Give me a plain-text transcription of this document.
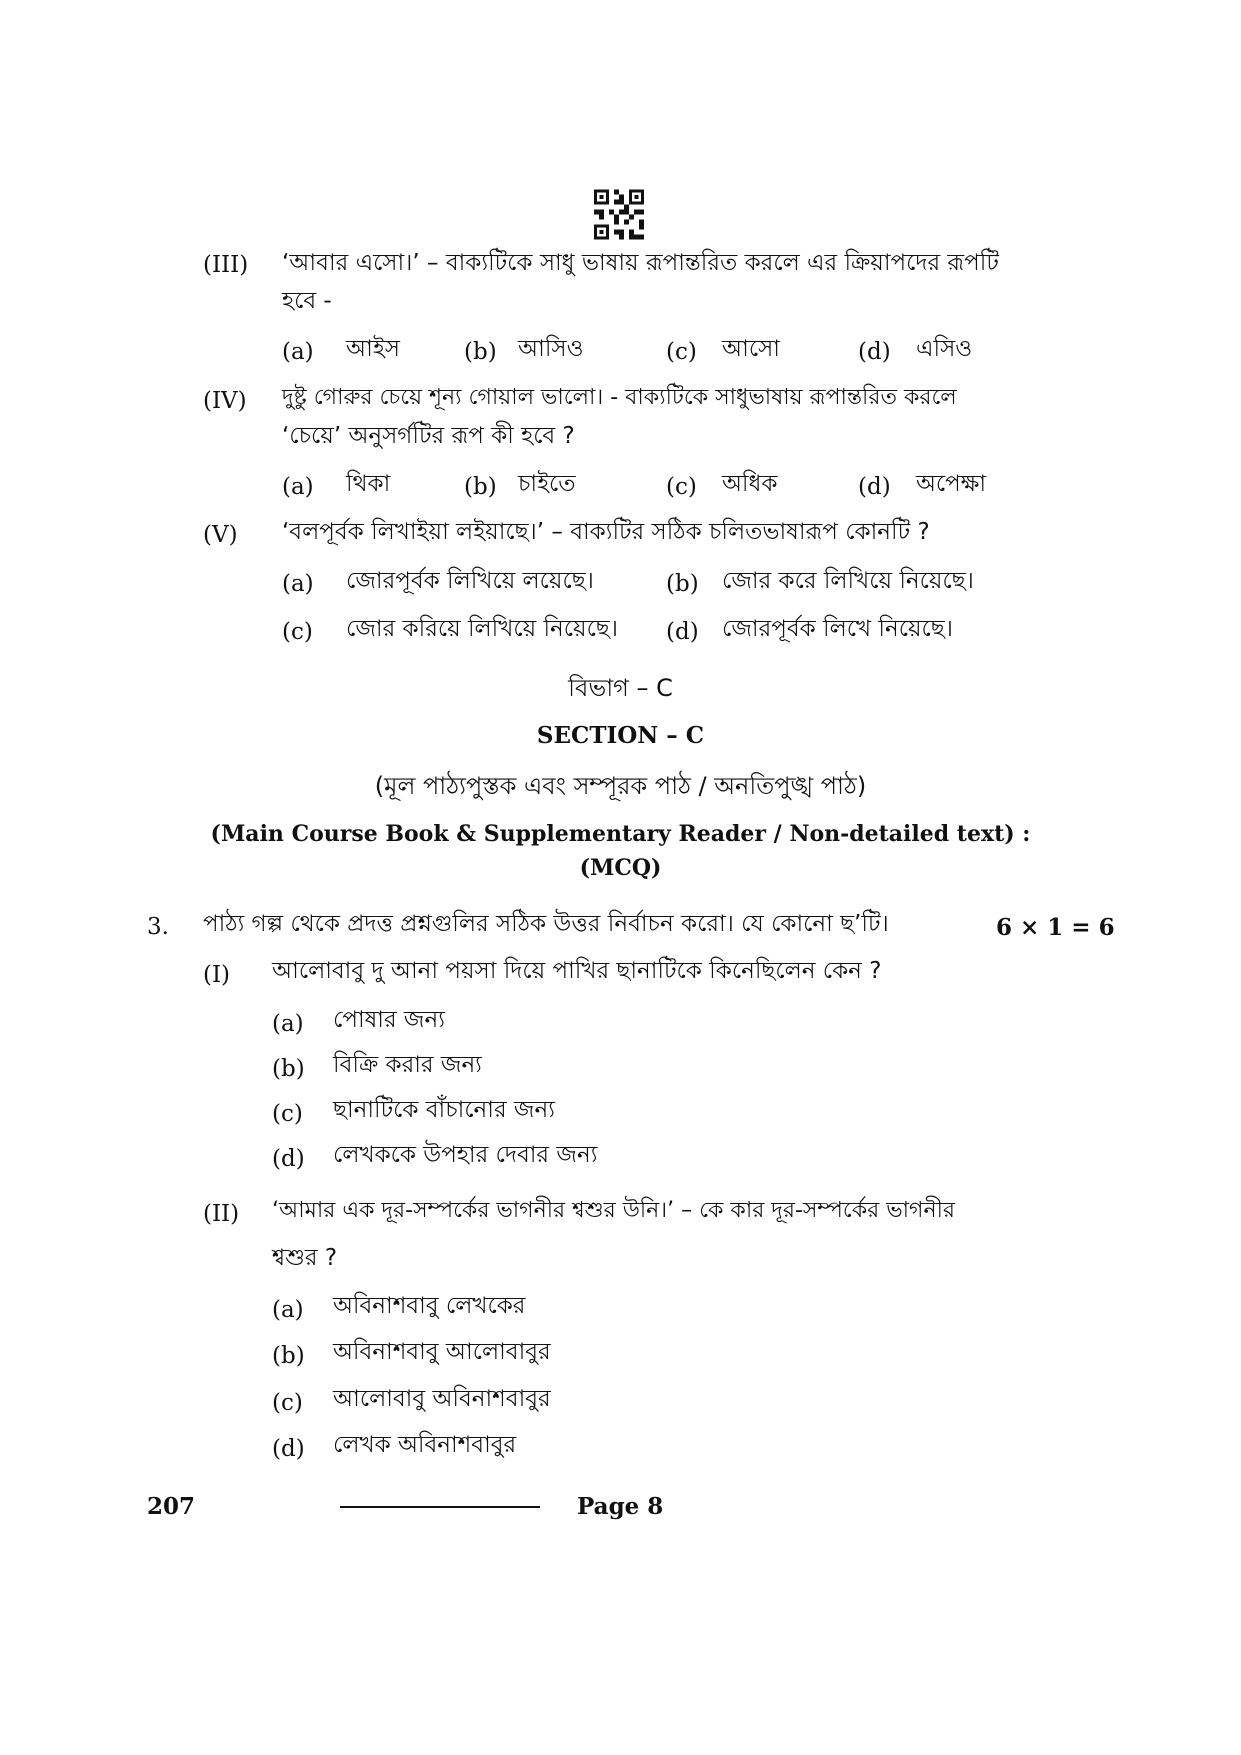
(III) ‘আবার এসো।’ – বাক্যটিকে সাধু ভাষায় রূপান্তরিত করলে এর ক্রিয়াপদের রূপটি
হবে -
(a) আইস	(b) আসিও	(c) আসো	(d) এসিও
(IV) দুষ্টু গোরুর চেয়ে শূন্য গোয়াল ভালো। - বাক্যটিকে সাধুভাষায় রূপান্তরিত করলে
‘চেয়ে’ অনুসর্গটির রূপ কী হবে ?
(a) থিকা	(b) চাইতে	(c) অধিক	(d) অপেক্ষা
(V) ‘বলপূর্বক লিখাইয়া লইয়াছে।’ – বাক্যটির সঠিক চলিতভাষারূপ কোনটি ?
(a) জোরপূর্বক লিখিয়ে লয়েছে।	(b) জোর করে লিখিয়ে নিয়েছে।
(c) জোর করিয়ে লিখিয়ে নিয়েছে। (d) জোরপূর্বক লিখে নিয়েছে।
বিভাগ – C
SECTION – C
(মূল পাঠ্যপুস্তক এবং সম্পূরক পাঠ / অনতিপুঙ্খ পাঠ)
(Main Course Book & Supplementary Reader / Non-detailed text) :
(MCQ)
3. পাঠ্য গল্প থেকে প্রদত্ত প্রশ্নগুলির সঠিক উত্তর নির্বাচন করো। যে কোনো ছ’টি।	6 × 1 = 6
(I) আলোবাবু দু আনা পয়সা দিয়ে পাখির ছানাটিকে কিনেছিলেন কেন ?
(a) পোষার জন্য
(b) বিক্রি করার জন্য
(c) ছানাটিকে বাঁচানোর জন্য
(d) লেখককে উপহার দেবার জন্য
(II) ‘আমার এক দূর-সম্পর্কের ভাগনীর শ্বশুর উনি।’ – কে কার দূর-সম্পর্কের ভাগনীর
শ্বশুর ?
(a) অবিনাশবাবু লেখকের
(b) অবিনাশবাবু আলোবাবুর
(c) আলোবাবু অবিনাশবাবুর
(d) লেখক অবিনাশবাবুর
207	Page 8
